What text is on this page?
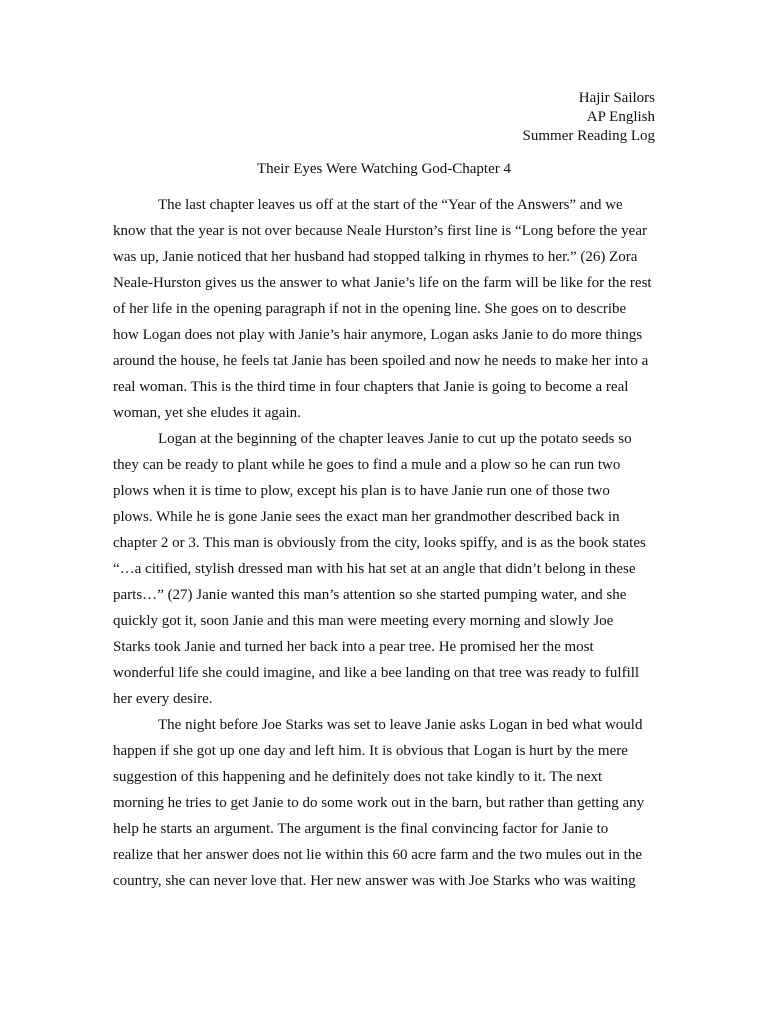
Hajir Sailors
AP English
Summer Reading Log
Their Eyes Were Watching God-Chapter 4
The last chapter leaves us off at the start of the “Year of the Answers” and we
know that the year is not over because Neale Hurston’s first line is “Long before the year
was up, Janie noticed that her husband had stopped talking in rhymes to her.” (26) Zora
Neale-Hurston gives us the answer to what Janie’s life on the farm will be like for the rest
of her life in the opening paragraph if not in the opening line. She goes on to describe
how Logan does not play with Janie’s hair anymore, Logan asks Janie to do more things
around the house, he feels tat Janie has been spoiled and now he needs to make her into a
real woman. This is the third time in four chapters that Janie is going to become a real
woman, yet she eludes it again.
Logan at the beginning of the chapter leaves Janie to cut up the potato seeds so
they can be ready to plant while he goes to find a mule and a plow so he can run two
plows when it is time to plow, except his plan is to have Janie run one of those two
plows. While he is gone Janie sees the exact man her grandmother described back in
chapter 2 or 3. This man is obviously from the city, looks spiffy, and is as the book states
“…a citified, stylish dressed man with his hat set at an angle that didn’t belong in these
parts…” (27) Janie wanted this man’s attention so she started pumping water, and she
quickly got it, soon Janie and this man were meeting every morning and slowly Joe
Starks took Janie and turned her back into a pear tree. He promised her the most
wonderful life she could imagine, and like a bee landing on that tree was ready to fulfill
her every desire.
The night before Joe Starks was set to leave Janie asks Logan in bed what would
happen if she got up one day and left him. It is obvious that Logan is hurt by the mere
suggestion of this happening and he definitely does not take kindly to it. The next
morning he tries to get Janie to do some work out in the barn, but rather than getting any
help he starts an argument. The argument is the final convincing factor for Janie to
realize that her answer does not lie within this 60 acre farm and the two mules out in the
country, she can never love that. Her new answer was with Joe Starks who was waiting
